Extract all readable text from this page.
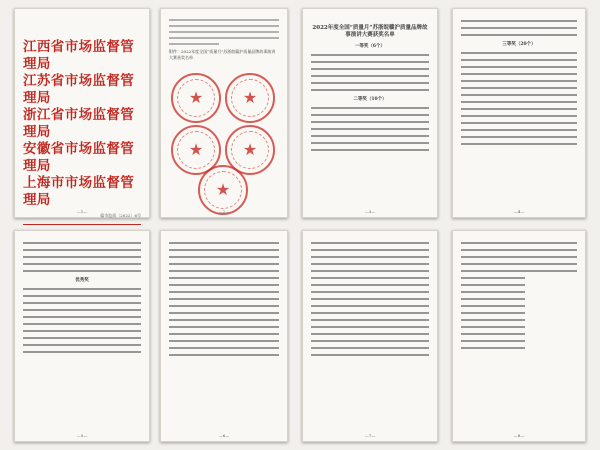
江西省市场监督管理局
江苏省市场监督管理局
浙江省市场监督管理局
安徽省市场监督管理局
上海市市场监督管理局
赣市监质〔2022〕6号
—1—
附件：2022年度全国“质量月”苏浙皖赣沪质量品牌故事演讲大赛获奖名单
★ ★
★ ★
★
—2—
2022年度全国“质量月”苏浙皖赣沪质量品牌故事演讲大赛获奖名单
一等奖（6个）
二等奖（10个）
—3—
三等奖（20个）
—4—
优秀奖
—5—	—6—	—7—	—8—
